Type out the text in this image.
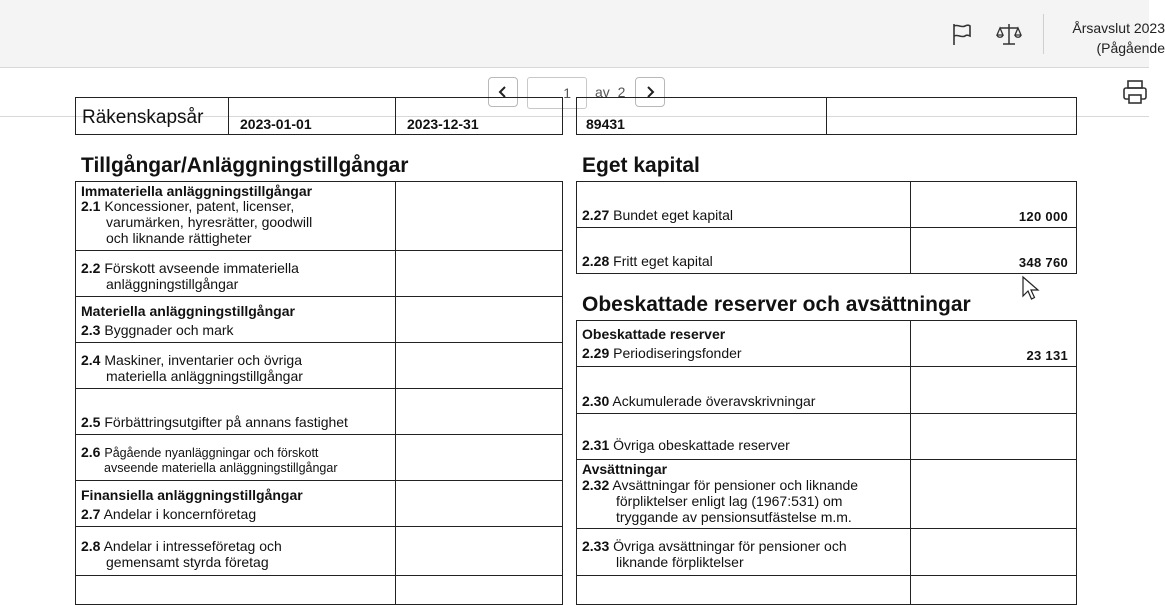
Årsavslut 2023
(Pågående
1
av 2
Räkenskapsår	2023-01-01	2023-12-31	89431
Tillgångar/Anläggningstillgångar
Immateriella anläggningstillgångar
2.1 Koncessioner, patent, licenser,
varumärken, hyresrätter, goodwill
och liknande rättigheter
2.2 Förskott avseende immateriella
anläggningstillgångar
Materiella anläggningstillgångar
2.3 Byggnader och mark
2.4 Maskiner, inventarier och övriga
materiella anläggningstillgångar
2.5 Förbättringsutgifter på annans fastighet
2.6 Pågående nyanläggningar och förskott
avseende materiella anläggningstillgångar
Finansiella anläggningstillgångar
2.7 Andelar i koncernföretag
2.8 Andelar i intresseföretag och
gemensamt styrda företag
Eget kapital
2.27 Bundet eget kapital	120 000
2.28 Fritt eget kapital	348 760
Obeskattade reserver och avsättningar
Obeskattade reserver
2.29 Periodiseringsfonder	23 131
2.30 Ackumulerade överavskrivningar
2.31 Övriga obeskattade reserver
Avsättningar
2.32 Avsättningar för pensioner och liknande
förpliktelser enligt lag (1967:531) om
tryggande av pensionsutfästelse m.m.
2.33 Övriga avsättningar för pensioner och
liknande förpliktelser
